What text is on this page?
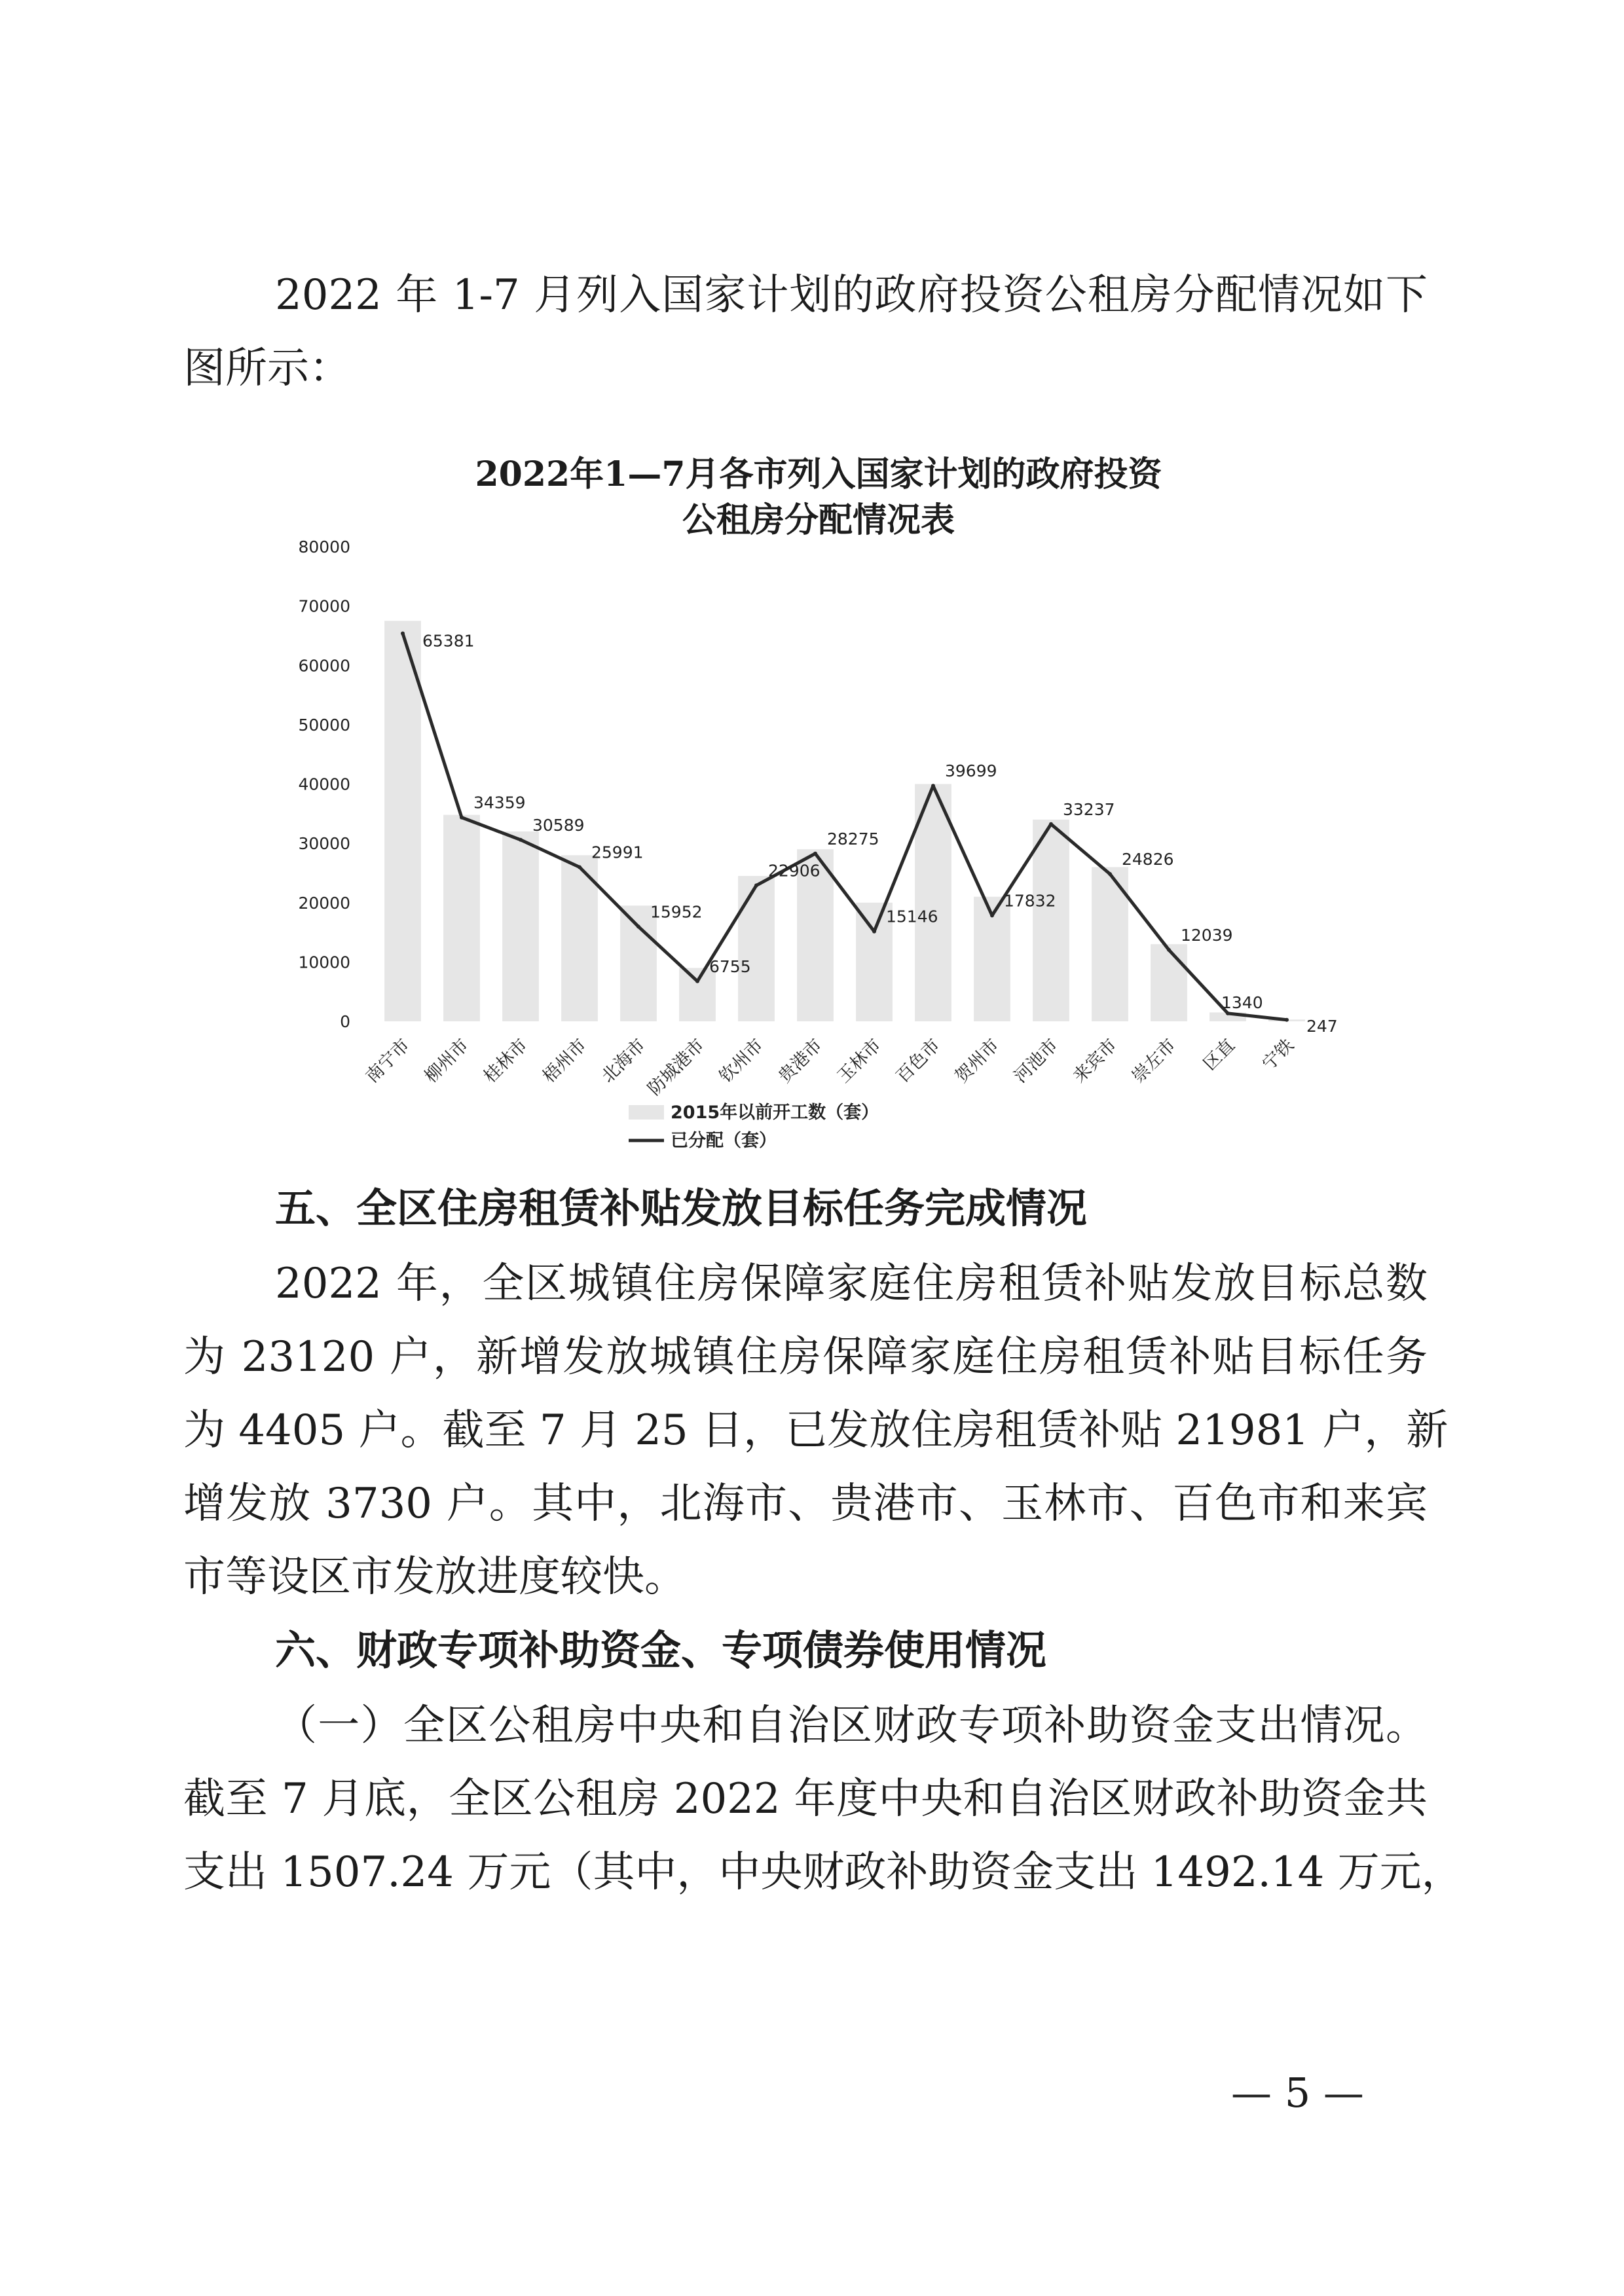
2022 年 1-7 月列入国家计划的政府投资公租房分配情况如下

图所示：

2022年1—7月各市列入国家计划的政府投资

公租房分配情况表

80000
70000
60000
50000
40000
30000
20000
10000
0
65381
34359
30589
25991
15952
6755
22906
28275
15146
39699
17832
33237
24826
12039
1340
247
南宁市 柳州市 桂林市 梧州市 北海市
防城港市 钦州市 贵港市 玉林市 百色市 贺州市 河池市 来宾市 崇左市 区直 宁铁
2015年以前开工数（套）
已分配（套）

五、全区住房租赁补贴发放目标任务完成情况

2022 年，全区城镇住房保障家庭住房租赁补贴发放目标总数

为 23120 户，新增发放城镇住房保障家庭住房租赁补贴目标任务

为 4405 户。截至 7 月 25 日，已发放住房租赁补贴 21981 户，新

增发放 3730 户。其中，北海市、贵港市、玉林市、百色市和来宾

市等设区市发放进度较快。

六、财政专项补助资金、专项债券使用情况

（一）全区公租房中央和自治区财政专项补助资金支出情况。

截至 7 月底，全区公租房 2022 年度中央和自治区财政补助资金共

支出 1507.24 万元（其中，中央财政补助资金支出 1492.14 万元，

— 5 —
